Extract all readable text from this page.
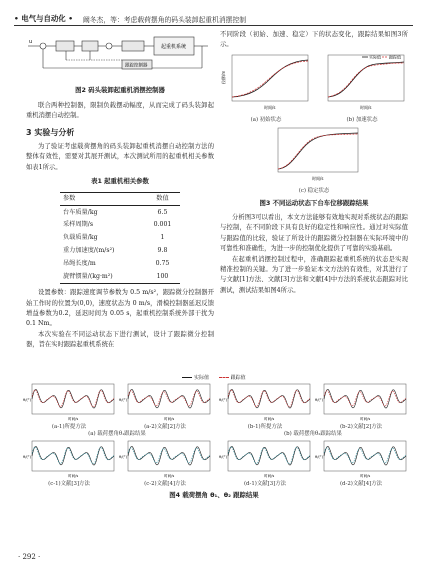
• 电气与自动化 • 阚冬杰，等：考虑载荷摆角的码头装卸起重机消摆控制
u
起重机系统
跟踪控制器
图2 码头装卸起重机消摆控制器

联合两种控制器，限制负载摆动幅度，从而完成了码头装卸起重机消摆自动控制。

3 实验与分析

为了验证考虑载荷摆角的码头装卸起重机消摆自动控制方法的整体有效性，需要对其展开测试，本次测试所用的起重机相关参数如表1所示。

表1 起重机相关参数
参数	数值
台车质量/kg	6.5
采样周期/s	0.001
负载质量/kg	1
重力加速度/(m/s²)	9.8
吊绳长度/m	0.75
旋臂惯量/(kg·m²)	100

设置参数：跟踪速度调节参数为 0.5 m/s²，跟踪微分控制器开始工作时的位置为(0,0)，速度状态为 0 m/s，滑模控制器延迟反馈增益参数为0.2，延迟时间为 0.05 s，起重机控制系统外部干扰为 0.1 Nm。

本次实验在不同运动状态下进行测试，设计了跟踪微分控制器，旨在实时跟踪起重机系统在

不同阶段（初始、加速、稳定）下的状态变化，跟踪结果如图3所示。

位移/m
时间/s
(a) 初始状态
实际值 跟踪值
时间/s
(b) 加速状态
时间/s
(c) 稳定状态
图3 不同运动状态下台车位移跟踪结果

分析图3可以看出，本文方法能够有效地实现对系统状态的跟踪与控制，在不同阶段下具有良好的稳定性和响应性。通过对实际值与跟踪值的比较，验证了所设计的跟踪微分控制器在实际环境中的可靠性和准确性，为进一步的控制优化提供了可靠的实验基础。

在起重机消摆控制过程中，准确跟踪起重机系统的状态是实现精准控制的关键。为了进一步验证本文方法的有效性，对其进行了与文献[1]方法、文献[3]方法和文献[4]中方法的系统状态跟踪对比测试，测试结果如图4所示。

实际值	跟踪值
θ/(°)
时间/s
(a-1)所提方法
θ/(°)
时间/s
(a-2)文献[2]方法
(a) 载荷摆角θ₁跟踪结果
θ/(°)
时间/s
(b-1)所提方法
θ/(°)
时间/s
(b-2)文献[2]方法
(b) 载荷摆角θ₂跟踪结果
θ/(°)
时间/s
(c-1)文献[3]方法
θ/(°)
时间/s
(c-2)文献[4]方法
θ/(°)
时间/s
(d-1)文献[3]方法
θ/(°)
时间/s
(d-2)文献[4]方法
图4 载荷摆角 θ₁、θ₂ 跟踪结果
· 292 ·
